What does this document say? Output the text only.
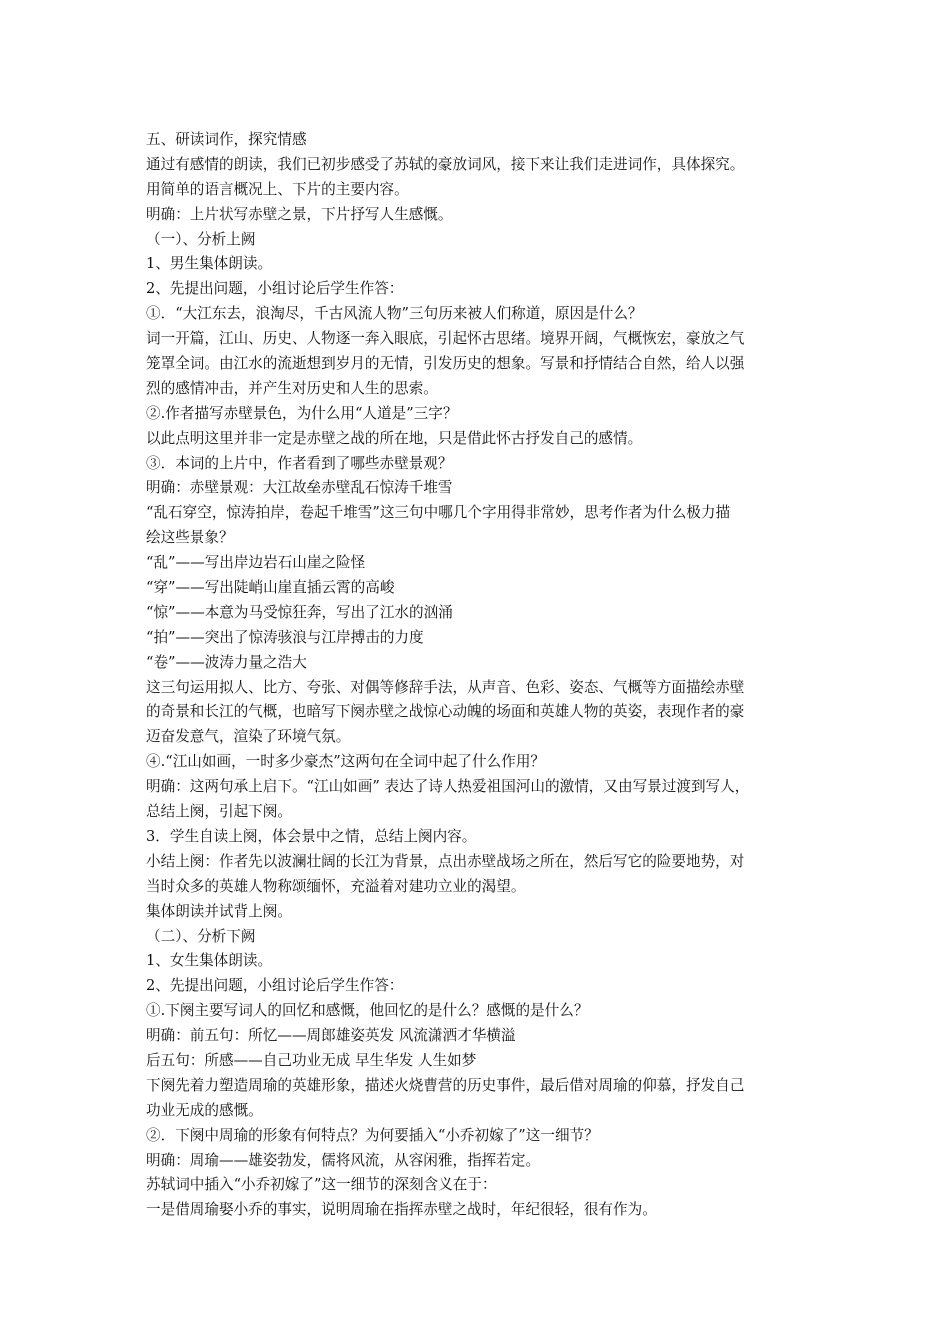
五、研读词作，探究情感
通过有感情的朗读，我们已初步感受了苏轼的豪放词风，接下来让我们走进词作，具体探究。
用简单的语言概况上、下片的主要内容。
明确：上片状写赤壁之景，下片抒写人生感慨。
（一）、分析上阙
1、男生集体朗读。
2、先提出问题，小组讨论后学生作答：
①．“大江东去，浪淘尽，千古风流人物”三句历来被人们称道，原因是什么？
词一开篇，江山、历史、人物逐一奔入眼底，引起怀古思绪。境界开阔，气概恢宏，豪放之气
笼罩全词。由江水的流逝想到岁月的无情，引发历史的想象。写景和抒情结合自然，给人以强
烈的感情冲击，并产生对历史和人生的思索。
②.作者描写赤壁景色，为什么用“人道是”三字？
以此点明这里并非一定是赤壁之战的所在地，只是借此怀古抒发自己的感情。
③．本词的上片中，作者看到了哪些赤壁景观？
明确：赤壁景观：大江故垒赤壁乱石惊涛千堆雪
“乱石穿空，惊涛拍岸，卷起千堆雪”这三句中哪几个字用得非常妙，思考作者为什么极力描
绘这些景象？
“乱”——写出岸边岩石山崖之险怪
“穿”——写出陡峭山崖直插云霄的高峻
“惊”——本意为马受惊狂奔，写出了江水的汹涌
“拍”——突出了惊涛骇浪与江岸搏击的力度
“卷”——波涛力量之浩大
这三句运用拟人、比方、夸张、对偶等修辞手法，从声音、色彩、姿态、气概等方面描绘赤壁
的奇景和长江的气概，也暗写下阕赤壁之战惊心动魄的场面和英雄人物的英姿，表现作者的豪
迈奋发意气，渲染了环境气氛。
④.“江山如画，一时多少豪杰”这两句在全词中起了什么作用？
明确：这两句承上启下。“江山如画” 表达了诗人热爱祖国河山的激情，又由写景过渡到写人，
总结上阕，引起下阕。
3．学生自读上阕，体会景中之情，总结上阕内容。
小结上阕：作者先以波澜壮阔的长江为背景，点出赤壁战场之所在，然后写它的险要地势，对
当时众多的英雄人物称颂缅怀，充溢着对建功立业的渴望。
集体朗读并试背上阕。
（二）、分析下阙
1、女生集体朗读。
2、先提出问题，小组讨论后学生作答：
①.下阕主要写词人的回忆和感慨，他回忆的是什么？感慨的是什么？
明确：前五句：所忆——周郎雄姿英发 风流潇洒才华横溢
后五句：所感——自己功业无成 早生华发 人生如梦
下阕先着力塑造周瑜的英雄形象，描述火烧曹营的历史事件，最后借对周瑜的仰慕，抒发自己
功业无成的感慨。
②．下阕中周瑜的形象有何特点？为何要插入“小乔初嫁了”这一细节？
明确：周瑜——雄姿勃发，儒将风流，从容闲雅，指挥若定。
苏轼词中插入“小乔初嫁了”这一细节的深刻含义在于：
一是借周瑜娶小乔的事实，说明周瑜在指挥赤壁之战时，年纪很轻，很有作为。
